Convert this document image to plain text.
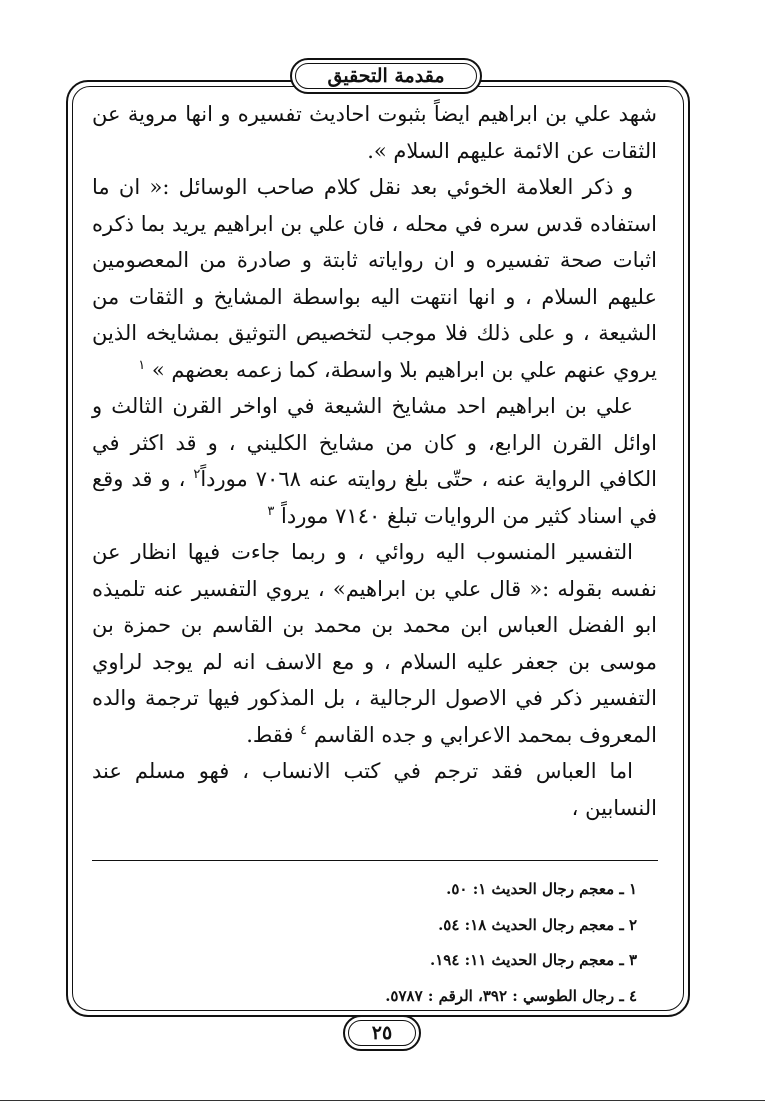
مقدمة التحقيق

شهد علي بن ابراهيم ايضاً بثبوت احاديث تفسيره و انها مروية عن الثقات عن الائمة عليهم السلام ».

و ذكر العلامة الخوئي بعد نقل كلام صاحب الوسائل :« ان ما استفاده قدس سره في محله ، فان علي بن ابراهيم يريد بما ذكره اثبات صحة تفسيره و ان رواياته ثابتة و صادرة من المعصومين عليهم السلام ، و انها انتهت اليه بواسطة المشايخ و الثقات من الشيعة ، و على ذلك فلا موجب لتخصيص التوثيق بمشايخه الذين يروي عنهم علي بن ابراهيم بلا واسطة، كما زعمه بعضهم » $^١$

علي بن ابراهيم احد مشايخ الشيعة في اواخر القرن الثالث و اوائل القرن الرابع، و كان من مشايخ الكليني ، و قد اكثر في الكافي الرواية عنه ، حتّى بلغ روايته عنه ٧٠٦٨ مورداً$^٢$ ، و قد وقع في اسناد كثير من الروايات تبلغ ٧١٤٠ مورداً $^٣$

التفسير المنسوب اليه روائي ، و ربما جاءت فيها انظار عن نفسه بقوله :« قال علي بن ابراهيم» ، يروي التفسير عنه تلميذه ابو الفضل العباس ابن محمد بن محمد بن القاسم بن حمزة بن موسى بن جعفر عليه السلام ، و مع الاسف انه لم يوجد لراوي التفسير ذكر في الاصول الرجالية ، بل المذكور فيها ترجمة والده المعروف بمحمد الاعرابي و جده القاسم $^٤$ فقط.

اما العباس فقد ترجم في كتب الانساب ، فهو مسلم عند النسابين ،

١ ـ معجم رجال الحديث ١: ٥٠.
٢ ـ معجم رجال الحديث ١٨: ٥٤.
٣ ـ معجم رجال الحديث ١١: ١٩٤.
٤ ـ رجال الطوسي : ٣٩٢، الرقم : ٥٧٨٧.
٢٥
